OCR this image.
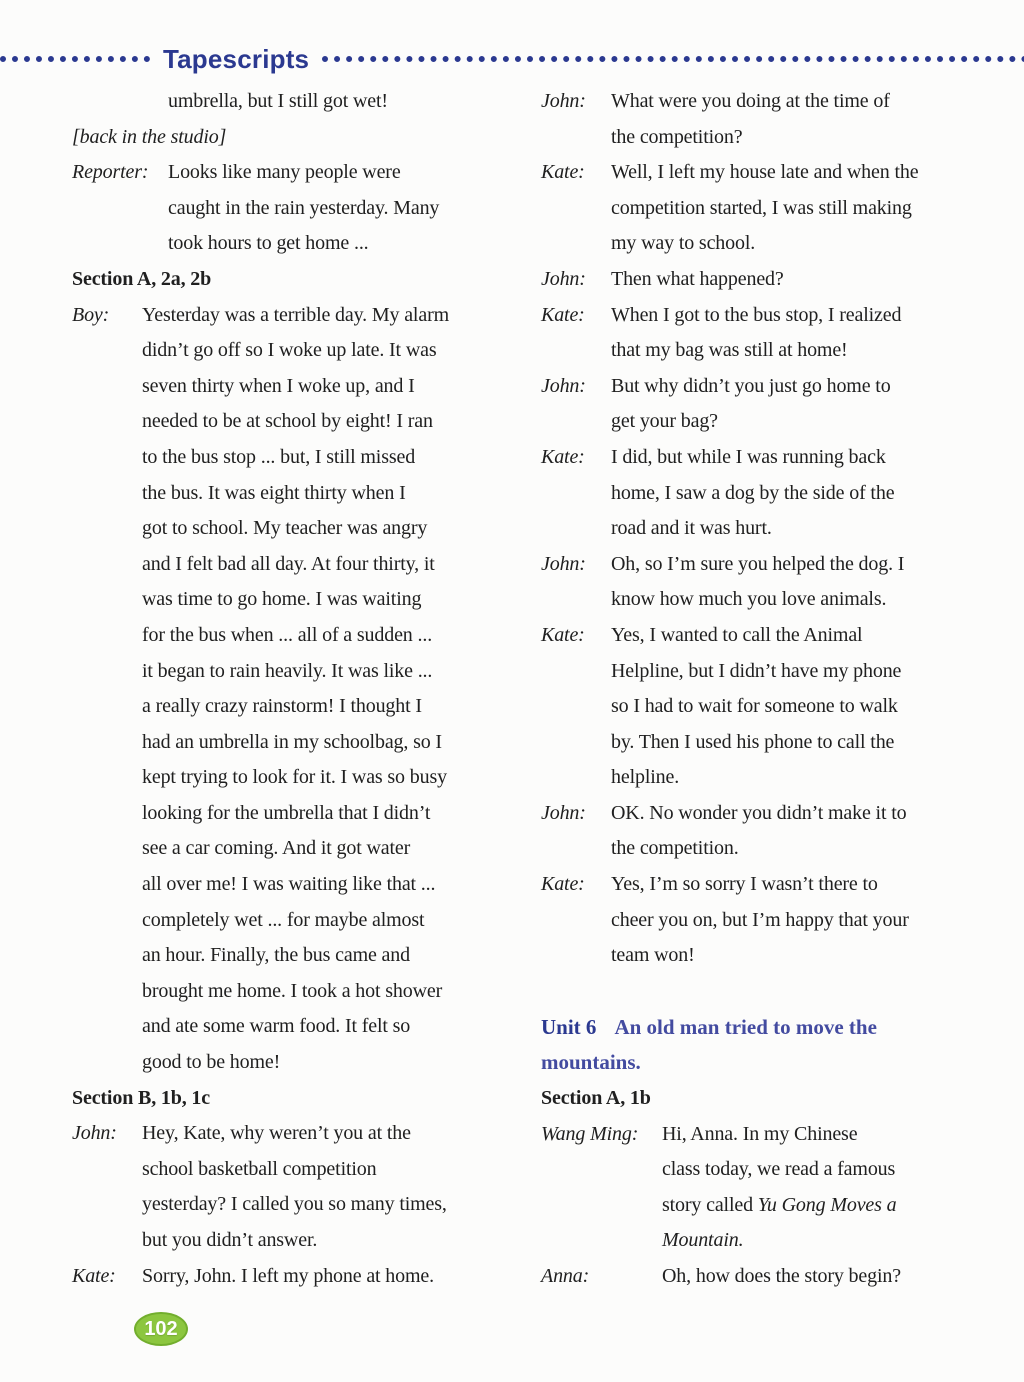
Tapescripts
umbrella, but I still got wet!
[back in the studio]
Reporter: Looks like many people were
caught in the rain yesterday. Many
took hours to get home ...
Section A, 2a, 2b
Boy: Yesterday was a terrible day. My alarm
didn’t go off so I woke up late. It was
seven thirty when I woke up, and I
needed to be at school by eight! I ran
to the bus stop ... but, I still missed
the bus. It was eight thirty when I
got to school. My teacher was angry
and I felt bad all day. At four thirty, it
was time to go home. I was waiting
for the bus when ... all of a sudden ...
it began to rain heavily. It was like ...
a really crazy rainstorm! I thought I
had an umbrella in my schoolbag, so I
kept trying to look for it. I was so busy
looking for the umbrella that I didn’t
see a car coming. And it got water
all over me! I was waiting like that ...
completely wet ... for maybe almost
an hour. Finally, the bus came and
brought me home. I took a hot shower
and ate some warm food. It felt so
good to be home!
Section B, 1b, 1c
John: Hey, Kate, why weren’t you at the
school basketball competition
yesterday? I called you so many times,
but you didn’t answer.
Kate: Sorry, John. I left my phone at home.
John: What were you doing at the time of
the competition?
Kate: Well, I left my house late and when the
competition started, I was still making
my way to school.
John: Then what happened?
Kate: When I got to the bus stop, I realized
that my bag was still at home!
John: But why didn’t you just go home to
get your bag?
Kate: I did, but while I was running back
home, I saw a dog by the side of the
road and it was hurt.
John: Oh, so I’m sure you helped the dog. I
know how much you love animals.
Kate: Yes, I wanted to call the Animal
Helpline, but I didn’t have my phone
so I had to wait for someone to walk
by. Then I used his phone to call the
helpline.
John: OK. No wonder you didn’t make it to
the competition.
Kate: Yes, I’m so sorry I wasn’t there to
cheer you on, but I’m happy that your
team won!
Unit 6 An old man tried to move the
mountains.
Section A, 1b
Wang Ming: Hi, Anna. In my Chinese
class today, we read a famous
story called Yu Gong Moves a
Mountain.
Anna:	Oh, how does the story begin?
102
